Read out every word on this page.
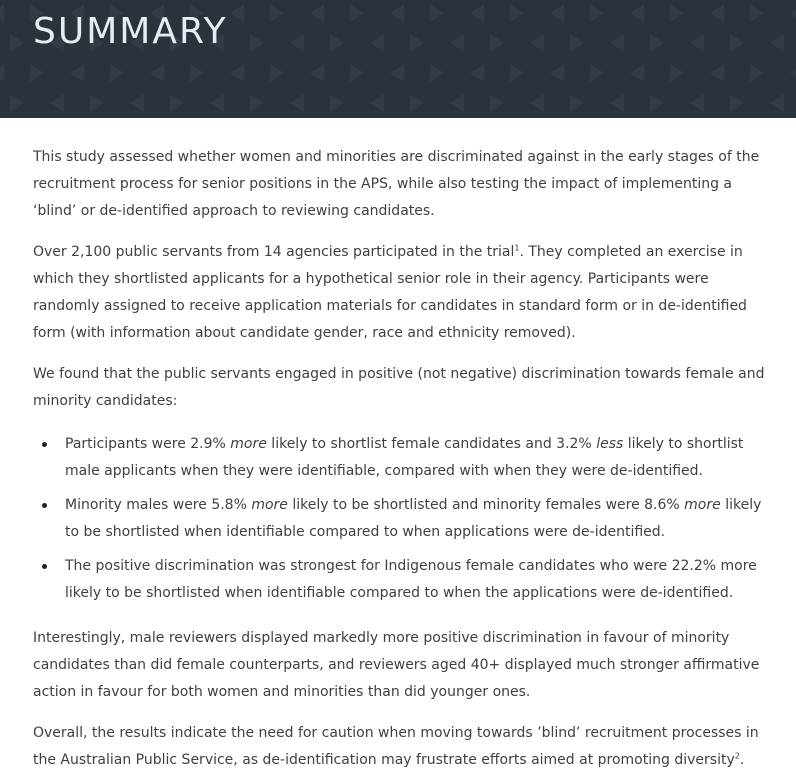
SUMMARY

This study assessed whether women and minorities are discriminated against in the early stages of the recruitment process for senior positions in the APS, while also testing the impact of implementing a ‘blind’ or de-identified approach to reviewing candidates.

Over 2,100 public servants from 14 agencies participated in the trial$^1$. They completed an exercise in which they shortlisted applicants for a hypothetical senior role in their agency. Participants were randomly assigned to receive application materials for candidates in standard form or in de-identified form (with information about candidate gender, race and ethnicity removed).

We found that the public servants engaged in positive (not negative) discrimination towards female and minority candidates:

Participants were 2.9% more likely to shortlist female candidates and 3.2% less likely to shortlist male applicants when they were identifiable, compared with when they were de-identified.
Minority males were 5.8% more likely to be shortlisted and minority females were 8.6% more likely to be shortlisted when identifiable compared to when applications were de-identified.
The positive discrimination was strongest for Indigenous female candidates who were 22.2% more likely to be shortlisted when identifiable compared to when the applications were de-identified.

Interestingly, male reviewers displayed markedly more positive discrimination in favour of minority candidates than did female counterparts, and reviewers aged 40+ displayed much stronger affirmative action in favour for both women and minorities than did younger ones.

Overall, the results indicate the need for caution when moving towards ’blind’ recruitment processes in the Australian Public Service, as de-identification may frustrate efforts aimed at promoting diversity$^2$.
